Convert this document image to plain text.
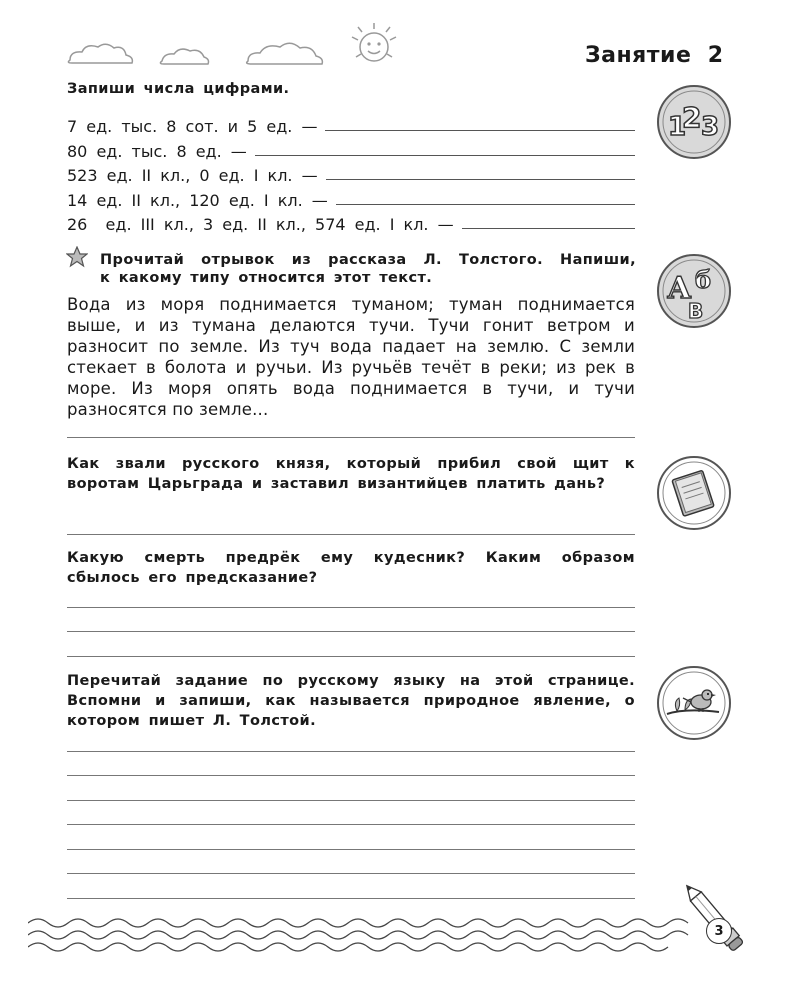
Занятие  2
Запиши числа цифрами.
7 ед. тыс. 8 сот. и 5 ед. —
80 ед. тыс. 8 ед. —
523 ед. II кл., 0 ед. I кл. —
14 ед. II кл., 120 ед. I кл. —
26  ед. III кл., 3 ед. II кл., 574 ед. I кл. —
1
2 3
Прочитай отрывок из рассказа Л. Толстого. Напиши,
к какому типу относится этот текст.
Вода из моря поднимается туманом; туман поднимается выше, и из тумана делаются тучи. Тучи гонит ветром и разносит по земле. Из туч вода падает на землю. С земли стекает в болота и ручьи. Из ручьёв течёт в реки; из рек в море. Из моря опять вода поднимается в тучи, и тучи разносятся по земле...
А б
В
Как звали русского князя, который прибил свой щит к воротам Царьграда и заставил византийцев платить дань?
Какую смерть предрёк ему кудесник? Каким образом сбылось его предсказание?
Перечитай задание по русскому языку на этой странице. Вспомни и запиши, как называется природное явление, о котором пишет Л. Толстой.
3
